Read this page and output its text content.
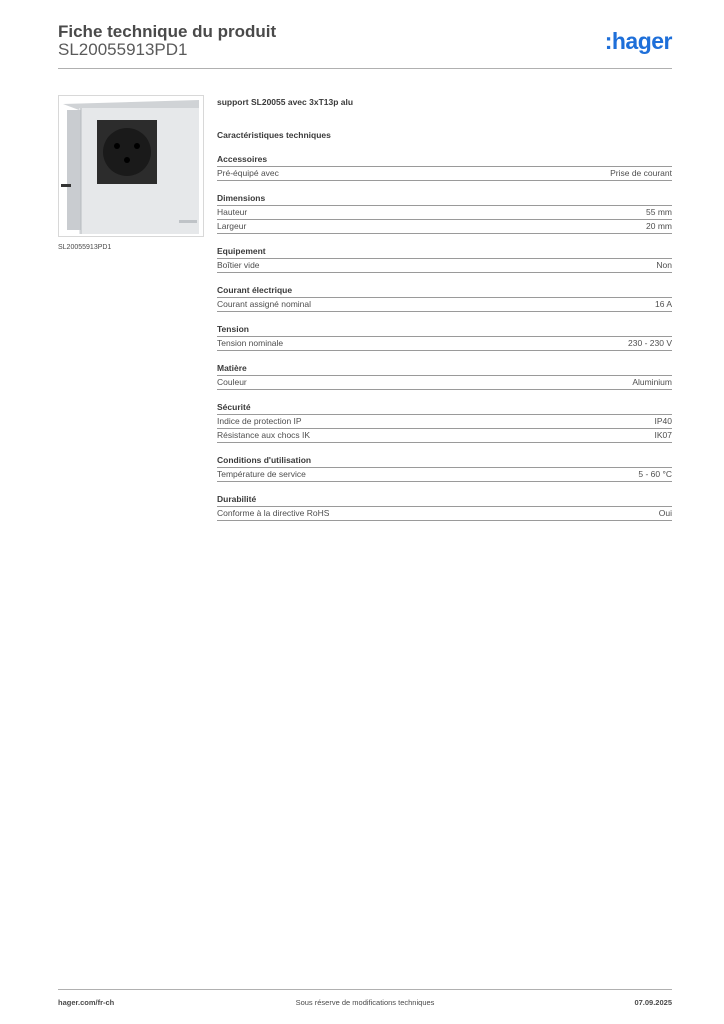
Fiche technique du produit
SL20055913PD1	:hager
SL20055913PD1
support SL20055 avec 3xT13p alu
Caractéristiques techniques
Accessoires
Pré-équipé avec	Prise de courant
Dimensions
Hauteur	55 mm
Largeur	20 mm
Equipement
Boîtier vide	Non
Courant électrique
Courant assigné nominal	16 A
Tension
Tension nominale	230 - 230 V
Matière
Couleur	Aluminium
Sécurité
Indice de protection IP	IP40
Résistance aux chocs IK	IK07
Conditions d'utilisation
Température de service	5 - 60 °C
Durabilité
Conforme à la directive RoHS	Oui
hager.com/fr-ch	Sous réserve de modifications techniques	07.09.2025
